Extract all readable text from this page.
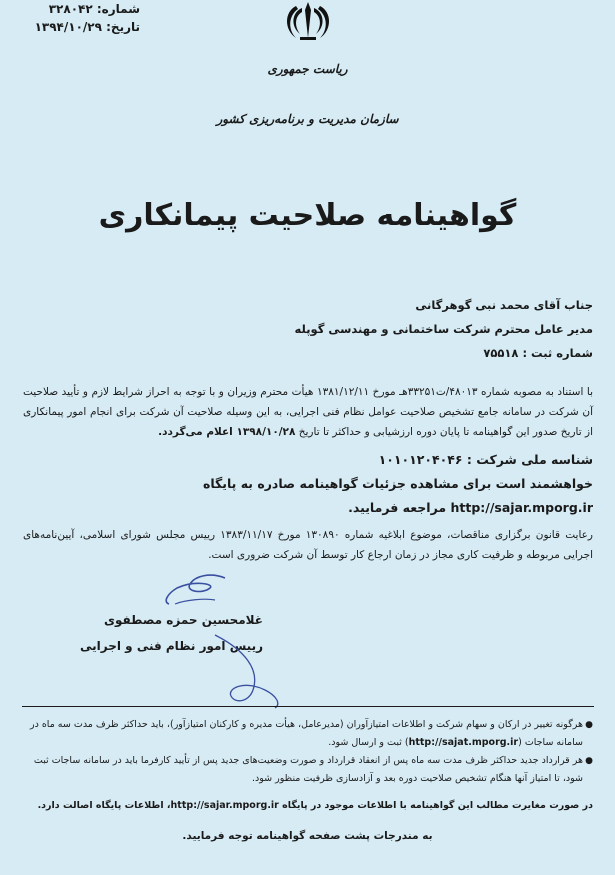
شماره: ۳۲۸۰۴۲
تاریخ: ۱۳۹۴/۱۰/۲۹
ریاست جمهوری
سازمان مدیریت و برنامه‌ریزی کشور
گواهینامه صلاحیت پیمانکاری
جناب آقای محمد نبی گوهرگانی
مدیر عامل محترم شرکت ساختمانی و مهندسی گوپله
شماره ثبت : ۷۵۵۱۸
با استناد به مصوبه شماره ۴۸۰۱۳/ت۳۳۲۵۱هـ مورخ ۱۳۸۱/۱۲/۱۱ هیأت محترم وزیران و با توجه به احراز شرایط لازم و تأیید صلاحیت آن شرکت در سامانه جامع تشخیص صلاحیت عوامل نظام فنی اجرایی، به این وسیله صلاحیت آن شرکت برای انجام امور پیمانکاری از تاریخ صدور این گواهینامه تا پایان دوره ارزشیابی و حداکثر تا تاریخ ۱۳۹۸/۱۰/۲۸ اعلام می‌گردد.
شناسه ملی شرکت : ۱۰۱۰۱۲۰۴۰۴۶
خواهشمند است برای مشاهده جزئیات گواهینامه صادره به پایگاه
http://sajar.mporg.ir مراجعه فرمایید.
رعایت قانون برگزاری مناقصات، موضوع ابلاغیه شماره ۱۳۰۸۹۰ مورخ ۱۳۸۳/۱۱/۱۷ رییس مجلس شورای اسلامی، آیین‌نامه‌های اجرایی مربوطه و ظرفیت کاری مجاز در زمان ارجاع کار توسط آن شرکت ضروری است.
غلامحسین حمزه مصطفوی
رییس امور نظام فنی و اجرایی
●
هرگونه تغییر در ارکان و سهام شرکت و اطلاعات امتیازآوران (مدیرعامل، هیأت مدیره و کارکنان امتیازآور)، باید حداکثر ظرف مدت سه ماه در سامانه ساجات (http://sajat.mporg.ir) ثبت و ارسال شود.
●
هر قرارداد جدید حداکثر ظرف مدت سه ماه پس از انعقاد قرارداد و صورت وضعیت‌های جدید پس از تأیید کارفرما باید در سامانه ساجات ثبت شود، تا امتیاز آنها هنگام تشخیص صلاحیت دوره بعد و آزادسازی ظرفیت منظور شود.
در صورت مغایرت مطالب این گواهینامه با اطلاعات موجود در پایگاه http://sajar.mporg.ir، اطلاعات پایگاه اصالت دارد.
به مندرجات پشت صفحه گواهینامه توجه فرمایید.
